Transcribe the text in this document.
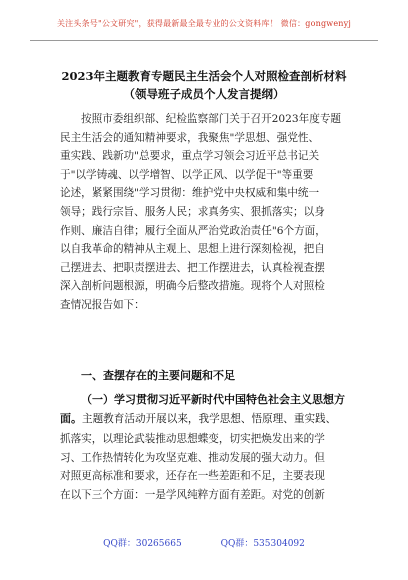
关注头条号"公文研究"，获得最新最全最专业的公文资料库！ 微信：gongwenyj
2023年主题教育专题民主生活会个人对照检查剖析材料
（领导班子成员个人发言提纲）
按照市委组织部、纪检监察部门关于召开2023年度专题
民主生活会的通知精神要求，我聚焦"学思想、强党性、
重实践、践新功"总要求，重点学习领会习近平总书记关
于"以学铸魂、以学增智、以学正风、以学促干"等重要
论述，紧紧围绕"学习贯彻：维护党中央权威和集中统一
领导；践行宗旨、服务人民；求真务实、狠抓落实；以身
作则、廉洁自律；履行全面从严治党政治责任"6个方面，
以自我革命的精神从主观上、思想上进行深刻检视，把自
己摆进去、把职责摆进去、把工作摆进去，认真检视查摆
深入剖析问题根源，明确今后整改措施。现将个人对照检
查情况报告如下：
一、查摆存在的主要问题和不足
（一）学习贯彻习近平新时代中国特色社会主义思想方
面。主题教育活动开展以来，我学思想、悟原理、重实践、
抓落实，以理论武装推动思想蝶变，切实把焕发出来的学
习、工作热情转化为攻坚克难、推动发展的强大动力。但
对照更高标准和要求，还存在一些差距和不足，主要表现
在以下三个方面：一是学风纯粹方面有差距。对党的创新
QQ群：30265665	QQ群：535304092
